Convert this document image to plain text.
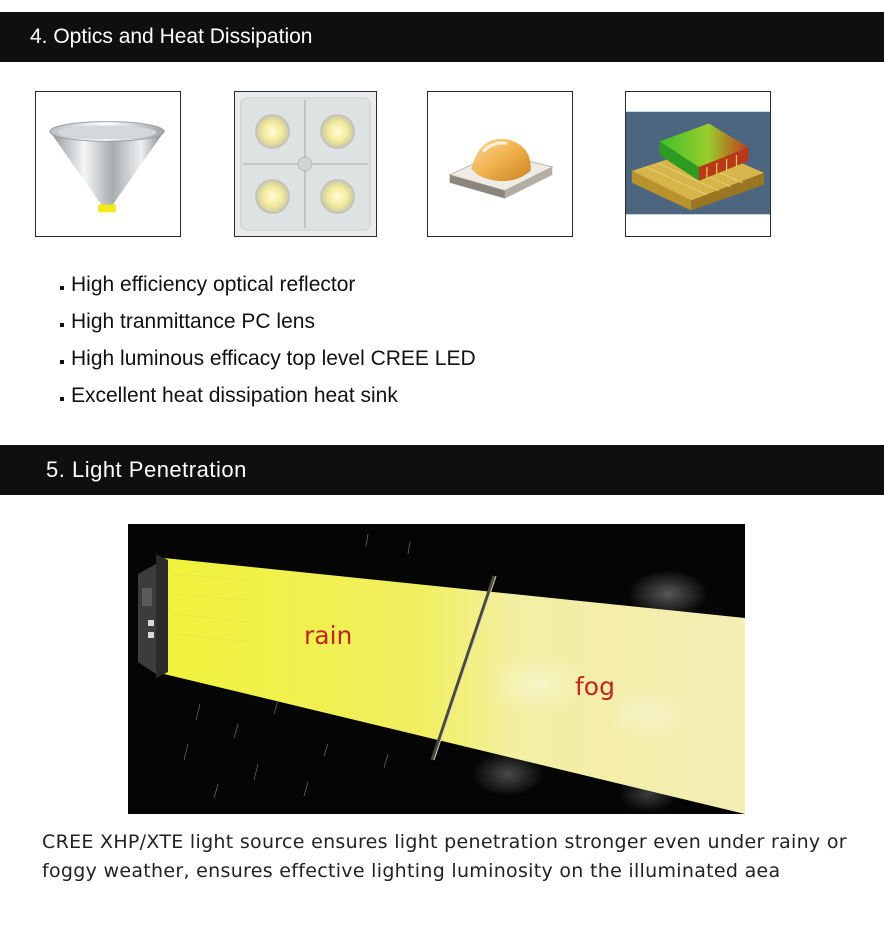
4. Optics and Heat Dissipation
High efficiency optical reflector
High tranmittance PC lens
High luminous efficacy top level CREE LED
Excellent heat dissipation heat sink
5. Light Penetration
rain
fog

CREE XHP/XTE light source ensures light penetration stronger even under rainy or foggy weather, ensures effective lighting luminosity on the illuminated aea
